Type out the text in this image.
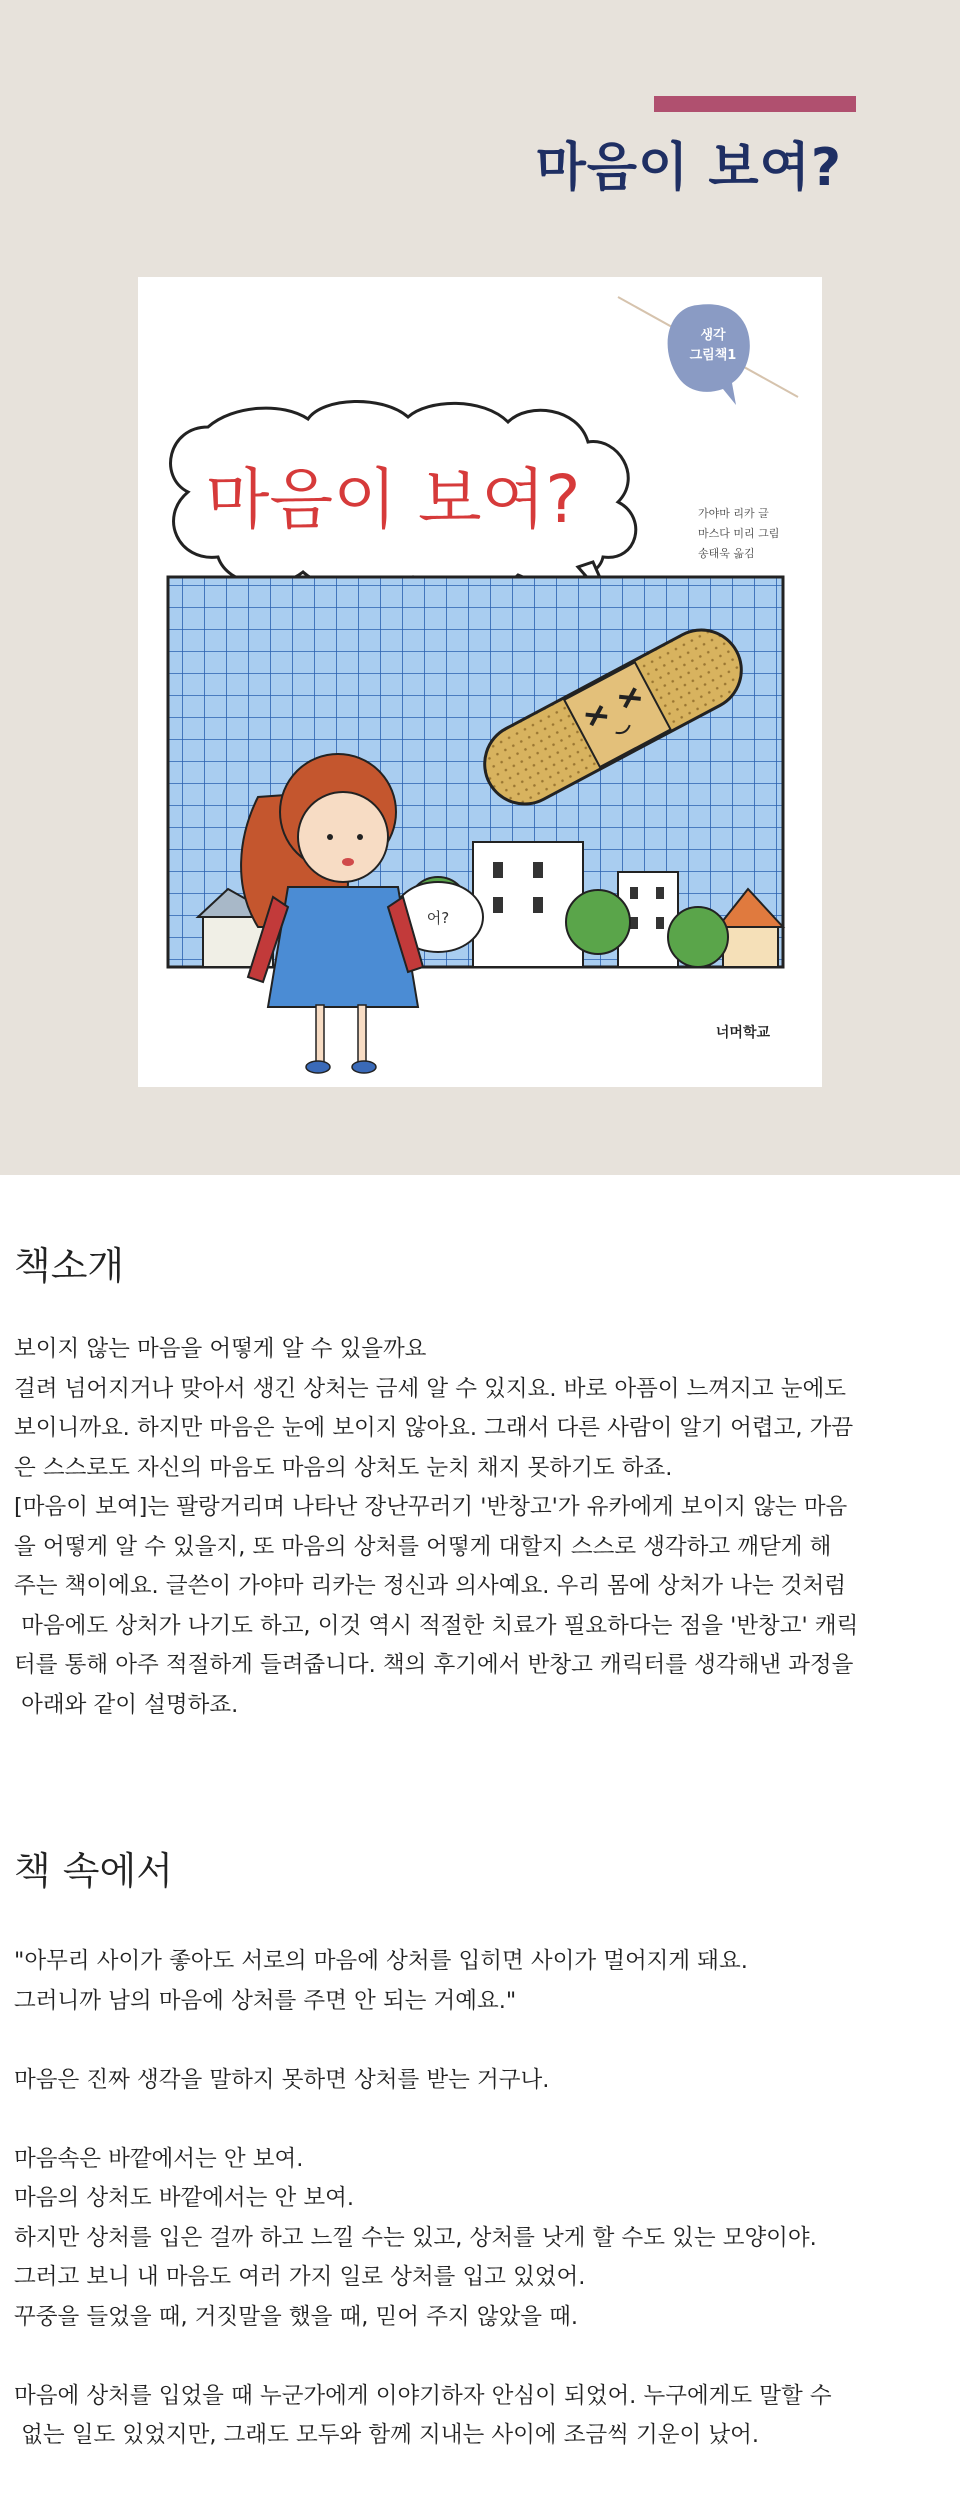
마음이 보여?
생각
그림책1
마음이 보여?	가야마 리카 글
마스다 미리 그림
송태욱 옮김
어?
너머학교
책소개

보이지 않는 마음을 어떻게 알 수 있을까요

걸려 넘어지거나 맞아서 생긴 상처는 금세 알 수 있지요. 바로 아픔이 느껴지고 눈에도

보이니까요. 하지만 마음은 눈에 보이지 않아요. 그래서 다른 사람이 알기 어렵고, 가끔

은 스스로도 자신의 마음도 마음의 상처도 눈치 채지 못하기도 하죠.

[마음이 보여]는 팔랑거리며 나타난 장난꾸러기 '반창고'가 유카에게 보이지 않는 마음

을 어떻게 알 수 있을지, 또 마음의 상처를 어떻게 대할지 스스로 생각하고 깨닫게 해

주는 책이에요. 글쓴이 가야마 리카는 정신과 의사예요. 우리 몸에 상처가 나는 것처럼

마음에도 상처가 나기도 하고, 이것 역시 적절한 치료가 필요하다는 점을 '반창고' 캐릭

터를 통해 아주 적절하게 들려줍니다. 책의 후기에서 반창고 캐릭터를 생각해낸 과정을

아래와 같이 설명하죠.

책 속에서

"아무리 사이가 좋아도 서로의 마음에 상처를 입히면 사이가 멀어지게 돼요.

그러니까 남의 마음에 상처를 주면 안 되는 거예요."

마음은 진짜 생각을 말하지 못하면 상처를 받는 거구나.

마음속은 바깥에서는 안 보여.

마음의 상처도 바깥에서는 안 보여.

하지만 상처를 입은 걸까 하고 느낄 수는 있고, 상처를 낫게 할 수도 있는 모양이야.

그러고 보니 내 마음도 여러 가지 일로 상처를 입고 있었어.

꾸중을 들었을 때, 거짓말을 했을 때, 믿어 주지 않았을 때.

마음에 상처를 입었을 때 누군가에게 이야기하자 안심이 되었어. 누구에게도 말할 수

없는 일도 있었지만, 그래도 모두와 함께 지내는 사이에 조금씩 기운이 났어.
